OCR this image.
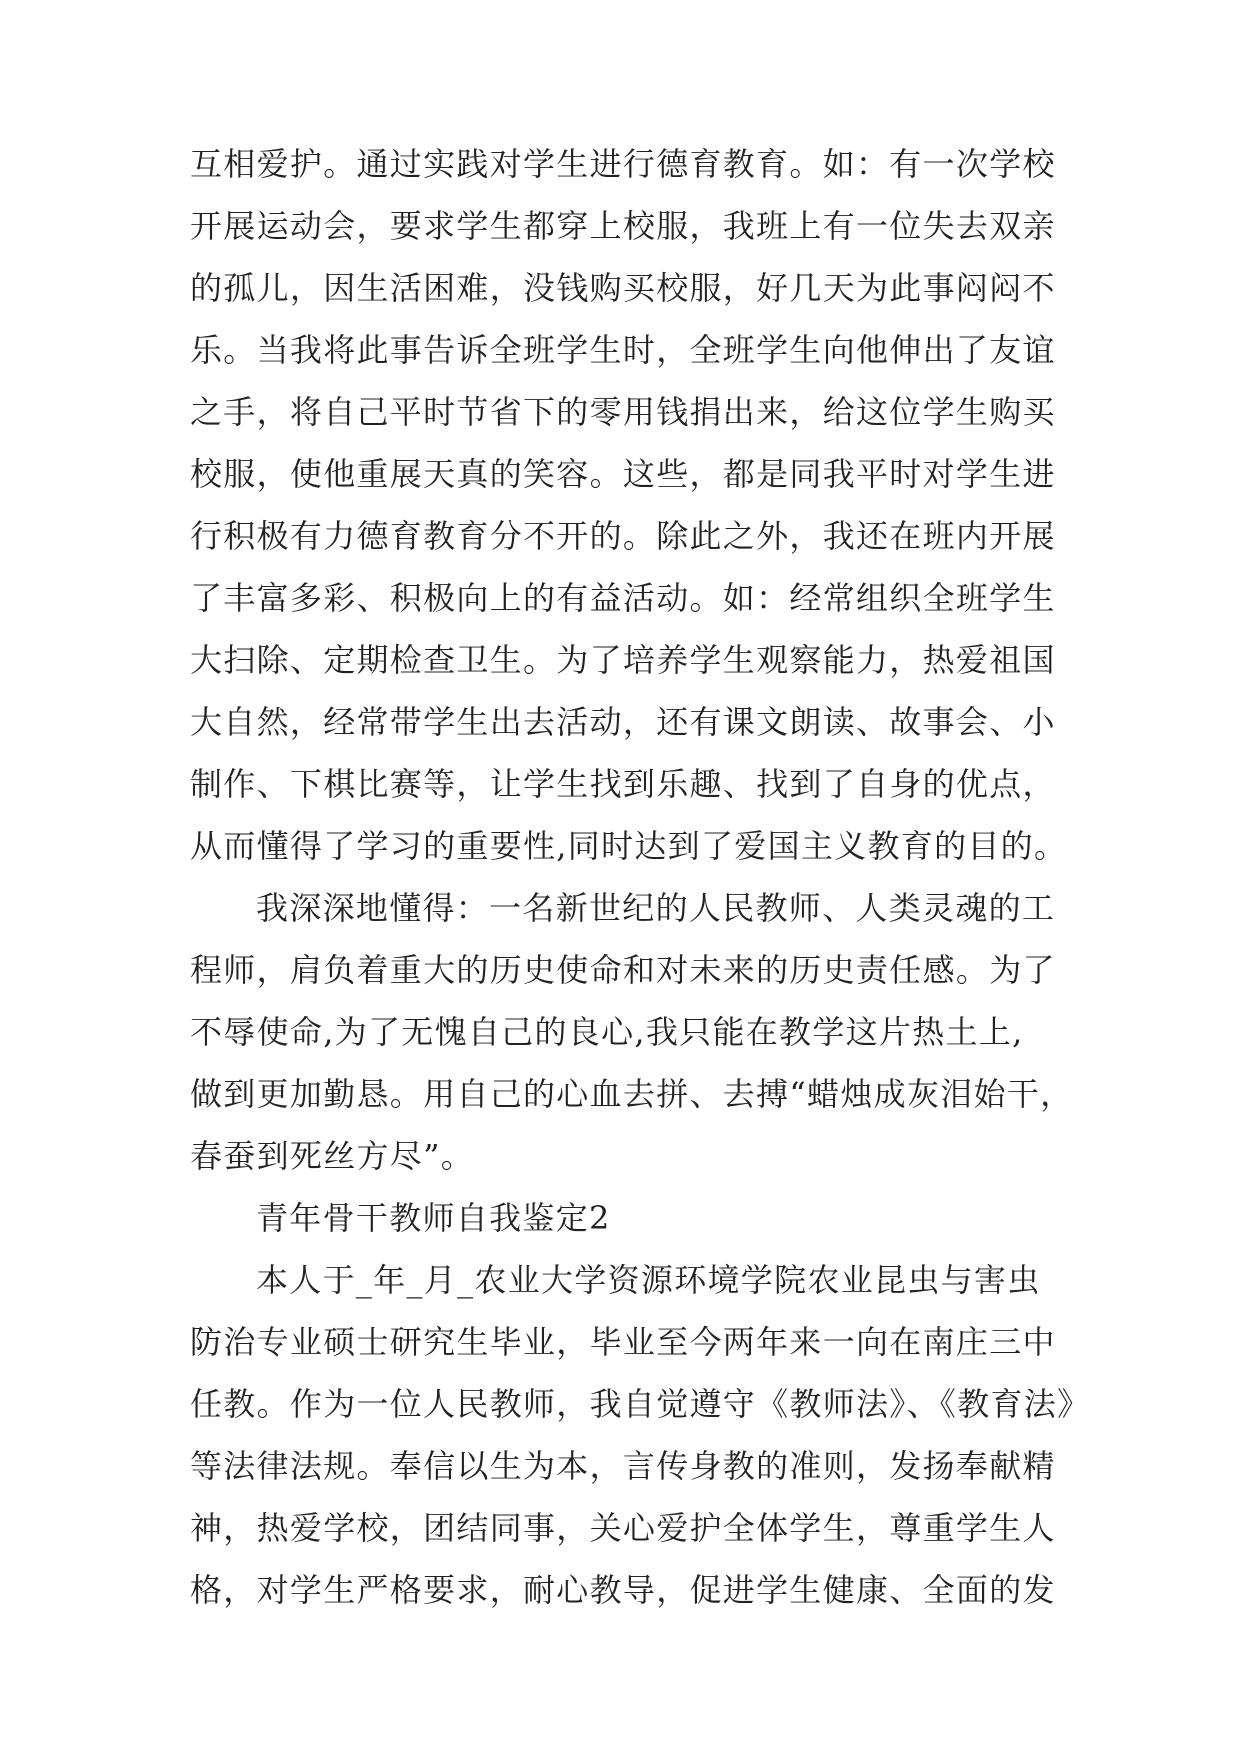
互相爱护。通过实践对学生进行德育教育。如：有一次学校
开展运动会，要求学生都穿上校服，我班上有一位失去双亲
的孤儿，因生活困难，没钱购买校服，好几天为此事闷闷不
乐。当我将此事告诉全班学生时，全班学生向他伸出了友谊
之手，将自己平时节省下的零用钱捐出来，给这位学生购买
校服，使他重展天真的笑容。这些，都是同我平时对学生进
行积极有力德育教育分不开的。除此之外，我还在班内开展
了丰富多彩、积极向上的有益活动。如：经常组织全班学生
大扫除、定期检查卫生。为了培养学生观察能力，热爱祖国
大自然，经常带学生出去活动，还有课文朗读、故事会、小
制作、下棋比赛等，让学生找到乐趣、找到了自身的优点，
从而懂得了学习的重要性,同时达到了爱国主义教育的目的。
我深深地懂得：一名新世纪的人民教师、人类灵魂的工
程师，肩负着重大的历史使命和对未来的历史责任感。为了
不辱使命,为了无愧自己的良心,我只能在教学这片热土上,
做到更加勤恳。用自己的心血去拼、去搏“蜡烛成灰泪始干，
春蚕到死丝方尽”。
青年骨干教师自我鉴定2
本人于_年_月_农业大学资源环境学院农业昆虫与害虫
防治专业硕士研究生毕业，毕业至今两年来一向在南庄三中
任教。作为一位人民教师，我自觉遵守《教师法》、《教育法》
等法律法规。奉信以生为本，言传身教的准则，发扬奉献精
神，热爱学校，团结同事，关心爱护全体学生，尊重学生人
格，对学生严格要求，耐心教导，促进学生健康、全面的发
